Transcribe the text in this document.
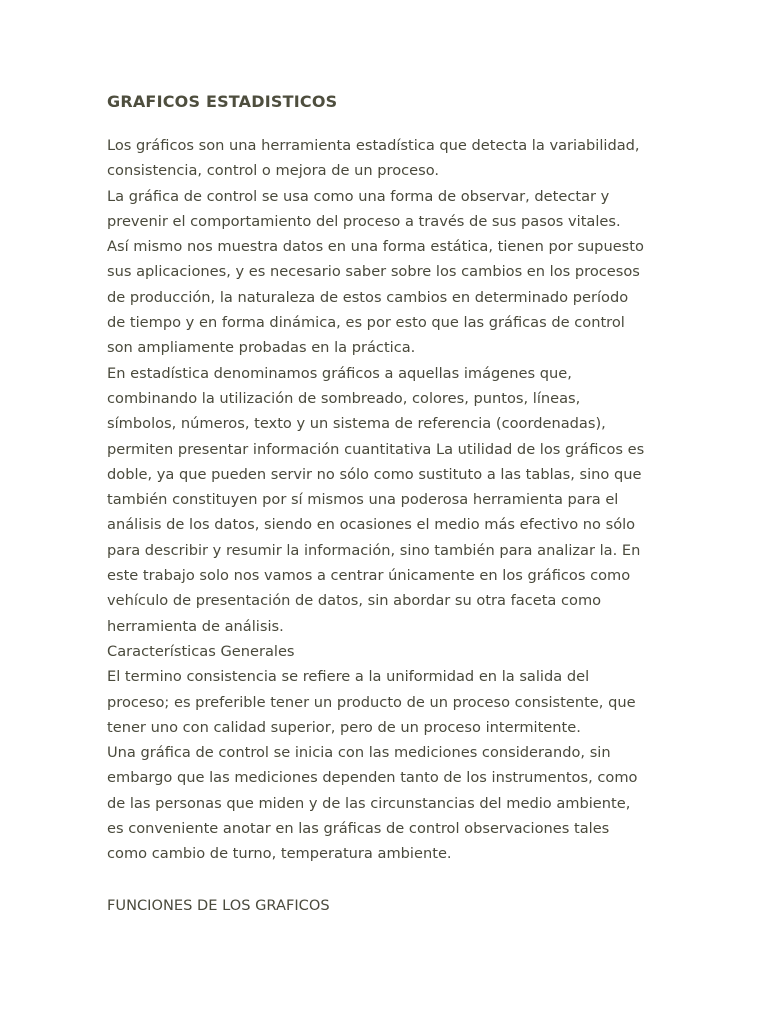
GRAFICOS ESTADISTICOS
Los gráficos son una herramienta estadística que detecta la variabilidad,
consistencia, control o mejora de un proceso.
La gráfica de control se usa como una forma de observar, detectar y
prevenir el comportamiento del proceso a través de sus pasos vitales.
Así mismo nos muestra datos en una forma estática, tienen por supuesto
sus aplicaciones, y es necesario saber sobre los cambios en los procesos
de producción, la naturaleza de estos cambios en determinado período
de tiempo y en forma dinámica, es por esto que las gráficas de control
son ampliamente probadas en la práctica.
En estadística denominamos gráficos a aquellas imágenes que,
combinando la utilización de sombreado, colores, puntos, líneas,
símbolos, números, texto y un sistema de referencia (coordenadas),
permiten presentar información cuantitativa La utilidad de los gráficos es
doble, ya que pueden servir no sólo como sustituto a las tablas, sino que
también constituyen por sí mismos una poderosa herramienta para el
análisis de los datos, siendo en ocasiones el medio más efectivo no sólo
para describir y resumir la información, sino también para analizar la. En
este trabajo solo nos vamos a centrar únicamente en los gráficos como
vehículo de presentación de datos, sin abordar su otra faceta como
herramienta de análisis.
Características Generales
El termino consistencia se refiere a la uniformidad en la salida del
proceso; es preferible tener un producto de un proceso consistente, que
tener uno con calidad superior, pero de un proceso intermitente.
Una gráfica de control se inicia con las mediciones considerando, sin
embargo que las mediciones dependen tanto de los instrumentos, como
de las personas que miden y de las circunstancias del medio ambiente,
es conveniente anotar en las gráficas de control observaciones tales
como cambio de turno, temperatura ambiente.
FUNCIONES DE LOS GRAFICOS
